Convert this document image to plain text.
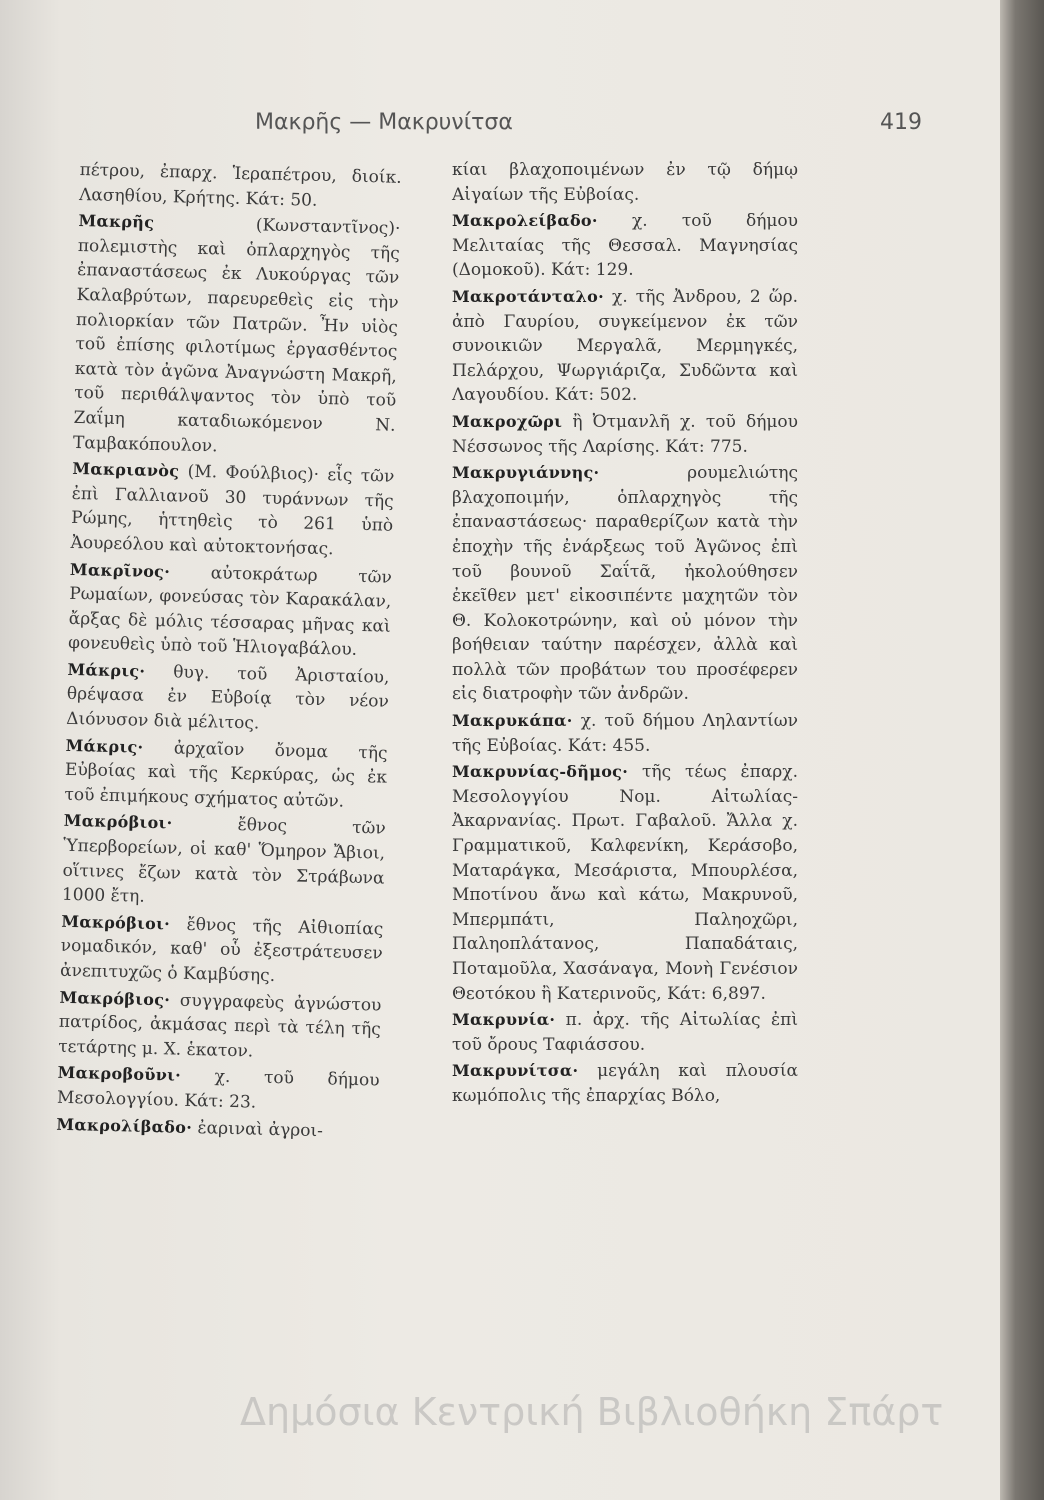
Μακρῆς — Μακρυνίτσα	419

πέτρου, ἐπαρχ. Ἱεραπέτρου, διοίκ. Λασηθίου, Κρήτης. Κάτ: 50.

Μακρῆς	(Κωνσταντῖνος)· πολεμιστὴς καὶ ὁπλαρχηγὸς τῆς ἐπαναστάσεως ἐκ Λυκούργας τῶν Καλαβρύτων, παρευρεθεὶς εἰς τὴν πολιορκίαν τῶν Πατρῶν. Ἦν υἱὸς τοῦ ἐπίσης φιλοτίμως ἐργασθέντος κατὰ τὸν ἀγῶνα Ἀναγνώστη Μακρῆ, τοῦ περιθάλψαντος τὸν ὑπὸ τοῦ Ζαΐμη καταδιωκόμενον Ν. Ταμβακόπουλον.

Μακριανὸς (Μ. Φούλβιος)· εἷς τῶν ἐπὶ Γαλλιανοῦ 30 τυράννων τῆς Ρώμης, ἡττηθεὶς τὸ 261 ὑπὸ Ἀουρεόλου καὶ αὐτοκτονήσας.

Μακρῖνος· αὐτοκράτωρ τῶν Ρωμαίων, φονεύσας τὸν Καρακάλαν, ἄρξας δὲ μόλις τέσσαρας μῆνας καὶ φονευθεὶς ὑπὸ τοῦ Ἡλιογαβάλου.

Μάκρις· θυγ. τοῦ Ἀρισταίου, θρέψασα ἐν Εὐβοίᾳ τὸν νέον Διόνυσον διὰ μέλιτος.

Μάκρις· ἀρχαῖον ὄνομα τῆς Εὐβοίας καὶ τῆς Κερκύρας, ὡς ἐκ τοῦ ἐπιμήκους σχήματος αὐτῶν.

Μακρόβιοι·	ἔθνος τῶν Ὑπερβορείων, οἱ καθ' Ὅμηρον Ἄβιοι, οἵτινες ἔζων κατὰ τὸν Στράβωνα 1000 ἔτη.

Μακρόβιοι· ἔθνος τῆς Αἰθιοπίας νομαδικόν, καθ' οὗ ἐξεστράτευσεν ἀνεπιτυχῶς ὁ Καμβύσης.

Μακρόβιος· συγγραφεὺς ἀγνώστου πατρίδος, ἀκμάσας περὶ τὰ τέλη τῆς τετάρτης μ. Χ. ἑκατον.

Μακροβοῦνι· χ. τοῦ δήμου Μεσολογγίου. Κάτ: 23.

Μακρολίβαδο· ἐαριναὶ ἀγροι-

κίαι βλαχοποιμένων ἐν τῷ δήμῳ Αἰγαίων τῆς Εὐβοίας.

Μακρολείβαδο· χ. τοῦ δήμου Μελιταίας τῆς Θεσσαλ. Μαγνησίας (Δομοκοῦ). Κάτ: 129.

Μακροτάνταλο· χ. τῆς Ἀνδρου, 2 ὥρ. ἀπὸ Γαυρίου, συγκείμενον ἐκ τῶν συνοικιῶν Μεργαλᾶ, Μερμηγκές, Πελάρχου, Ψωργιάριζα, Συδῶντα καὶ Λαγουδίου. Κάτ: 502.

Μακροχῶρι ἢ Ὀτμανλῆ χ. τοῦ δήμου Νέσσωνος τῆς Λαρίσης. Κάτ: 775.

Μακρυγιάννης·	ρουμελιώτης βλαχοποιμήν, ὁπλαρχηγὸς τῆς ἐπαναστάσεως· παραθερίζων κατὰ τὴν ἐποχὴν τῆς ἐνάρξεως τοῦ Ἀγῶνος ἐπὶ τοῦ βουνοῦ Σαΐτᾶ, ἠκολούθησεν ἐκεῖθεν μετ' εἰκοσιπέντε μαχητῶν τὸν Θ. Κολοκοτρώνην, καὶ οὐ μόνον τὴν βοήθειαν ταύτην παρέσχεν, ἀλλὰ καὶ πολλὰ τῶν προβάτων του προσέφερεν εἰς διατροφὴν τῶν ἀνδρῶν.

Μακρυκάπα· χ. τοῦ δήμου Ληλαντίων τῆς Εὐβοίας. Κάτ: 455.

Μακρυνίας-δῆμος· τῆς τέως ἐπαρχ. Μεσολογγίου Νομ. Αἰτωλίας-Ἀκαρνανίας. Πρωτ. Γαβαλοῦ. Ἄλλα χ. Γραμματικοῦ, Καλφενίκη, Κεράσοβο, Ματαράγκα, Μεσάριστα, Μπουρλέσα, Μποτίνου ἄνω καὶ κάτω, Μακρυνοῦ, Μπερμπάτι, Παληοχῶρι, Παληοπλάτανος, Παπαδάταις, Ποταμοῦλα, Χασάναγα, Μονὴ Γενέσιον Θεοτόκου ἢ Κατερινοῦς, Κάτ: 6,897.

Μακρυνία· π. ἀρχ. τῆς Αἰτωλίας ἐπὶ τοῦ ὄρους Ταφιάσσου.

Μακρυνίτσα· μεγάλη καὶ πλουσία κωμόπολις τῆς ἐπαρχίας Βόλο,

Δημόσια Κεντρική Βιβλιοθήκη Σπάρτ
